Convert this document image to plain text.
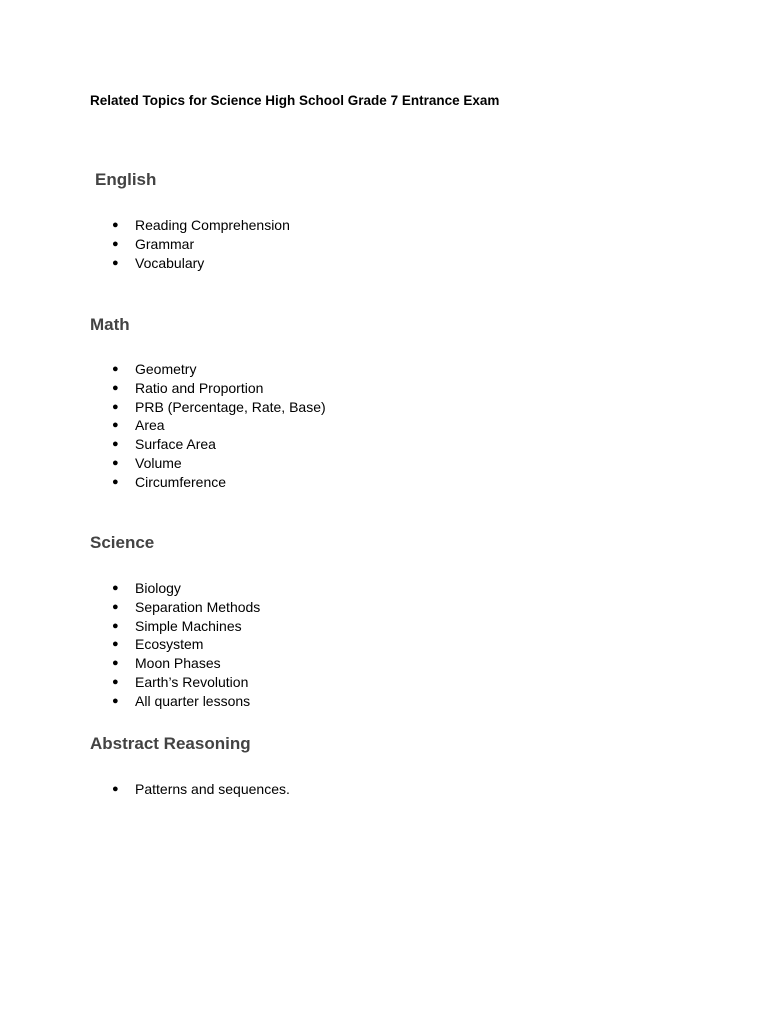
Related Topics for Science High School Grade 7 Entrance Exam
English
● Reading Comprehension
● Grammar
● Vocabulary
Math
● Geometry
● Ratio and Proportion
● PRB (Percentage, Rate, Base)
● Area
● Surface Area
● Volume
● Circumference
Science
● Biology
● Separation Methods
● Simple Machines
● Ecosystem
● Moon Phases
● Earth’s Revolution
● All quarter lessons
Abstract Reasoning
● Patterns and sequences.
